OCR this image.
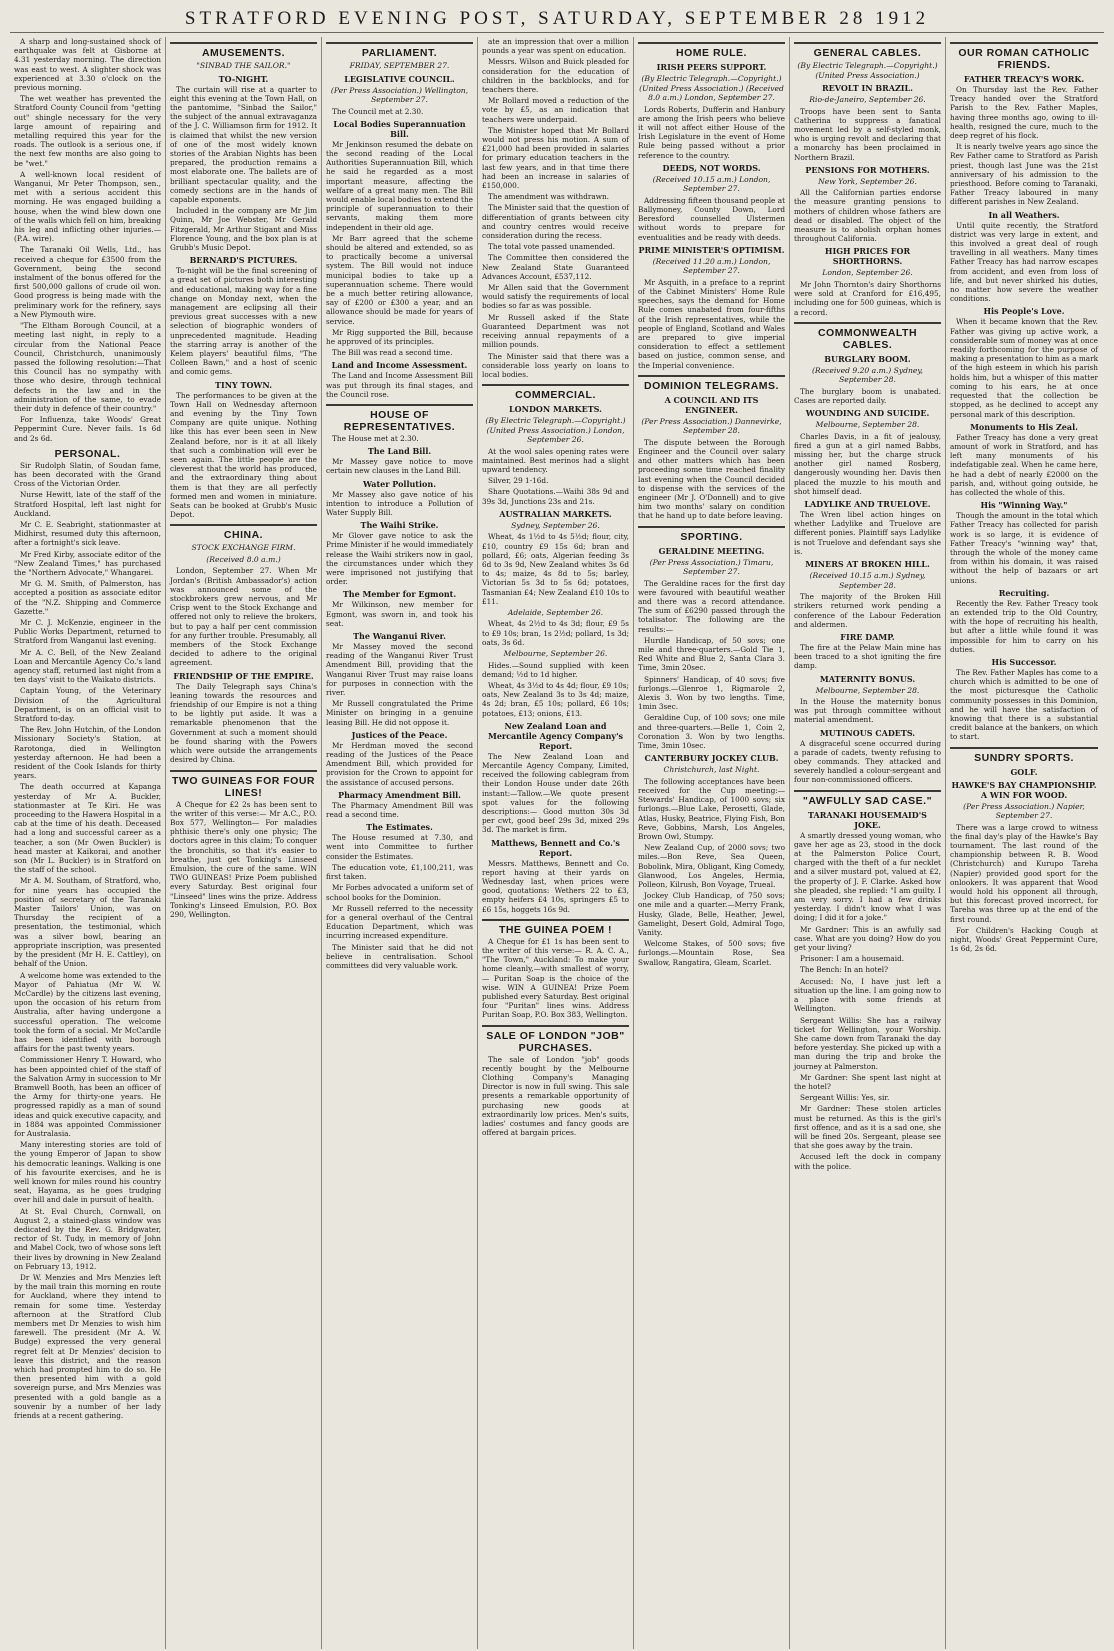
STRATFORD EVENING POST, SATURDAY, SEPTEMBER 28 1912
A sharp and long-sustained shock of earthquake was felt at Gisborne at 4.31 yesterday morning. The direction was east to west. A slighter shock was experienced at 3.30 o'clock on the previous morning.
The wet weather has prevented the Stratford County Council from "getting out" shingle necessary for the very large amount of repairing and metalling required this year for the roads. The outlook is a serious one, if the next few months are also going to be "wet."
A well-known local resident of Wanganui, Mr Peter Thompson, sen., met with a serious accident this morning. He was engaged building a house, when the wind blew down one of the walls which fell on him, breaking his leg and inflicting other injuries.—(P.A. wire).
The Taranaki Oil Wells, Ltd., has received a cheque for £3500 from the Government, being the second instalment of the bonus offered for the first 500,000 gallons of crude oil won. Good progress is being made with the preliminary work for the refinery, says a New Plymouth wire.
"The Eltham Borough Council, at a meeting last night, in reply to a circular from the National Peace Council, Christchurch, unanimously passed the following resolution:—That this Council has no sympathy with those who desire, through technical defects in the law and in the administration of the same, to evade their duty in defence of their country."
For Influenza, take Woods' Great Peppermint Cure. Never fails. 1s 6d and 2s 6d.
PERSONAL.
Sir Rudolph Slatin, of Soudan fame, has been decorated with the Grand Cross of the Victorian Order.
Nurse Hewitt, late of the staff of the Stratford Hospital, left last night for Auckland.
Mr C. E. Seabright, stationmaster at Midhirst, resumed duty this afternoon, after a fortnight's sick leave.
Mr Fred Kirby, associate editor of the "New Zealand Times," has purchased the "Northern Advocate," Whangarei.
Mr G. M. Smith, of Palmerston, has accepted a position as associate editor of the "N.Z. Shipping and Commerce Gazette."
Mr C. J. McKenzie, engineer in the Public Works Department, returned to Stratford from Wanganui last evening.
Mr A. C. Bell, of the New Zealand Loan and Mercantile Agency Co.'s land agency staff, returned last night from a ten days' visit to the Waikato districts.
Captain Young, of the Veterinary Division of the Agricultural Department, is on an official visit to Stratford to-day.
The Rev. John Hutchin, of the London Missionary Society's Station, at Rarotonga, died in Wellington yesterday afternoon. He had been a resident of the Cook Islands for thirty years.
The death occurred at Kapanga yesterday of Mr A. Buckler, stationmaster at Te Kiri. He was proceeding to the Hawera Hospital in a cab at the time of his death. Deceased had a long and successful career as a teacher, a son (Mr Owen Buckler) is head master at Kaikorai, and another son (Mr L. Buckler) is in Stratford on the staff of the school.
Mr A. M. Southam, of Stratford, who, for nine years has occupied the position of secretary of the Taranaki Master Tailors' Union, was on Thursday the recipient of a presentation, the testimonial, which was a silver bowl, bearing an appropriate inscription, was presented by the president (Mr H. E. Cattley), on behalf of the Union.
A welcome home was extended to the Mayor of Pahiatua (Mr W. W. McCardle) by the citizens last evening, upon the occasion of his return from Australia, after having undergone a successful operation. The welcome took the form of a social. Mr McCardle has been identified with borough affairs for the past twenty years.
Commissioner Henry T. Howard, who has been appointed chief of the staff of the Salvation Army in succession to Mr Bramwell Booth, has been an officer of the Army for thirty-one years. He progressed rapidly as a man of sound ideas and quick executive capacity, and in 1884 was appointed Commissioner for Australasia.
Many interesting stories are told of the young Emperor of Japan to show his democratic leanings. Walking is one of his favourite exercises, and he is well known for miles round his country seat, Hayama, as he goes trudging over hill and dale in pursuit of health.
At St. Eval Church, Cornwall, on August 2, a stained-glass window was dedicated by the Rev. G. Bridgwater, rector of St. Tudy, in memory of John and Mabel Cock, two of whose sons left their lives by drowning in New Zealand on February 13, 1912.
Dr W. Menzies and Mrs Menzies left by the mail train this morning en route for Auckland, where they intend to remain for some time. Yesterday afternoon at the Stratford Club members met Dr Menzies to wish him farewell. The president (Mr A. W. Budge) expressed the very general regret felt at Dr Menzies' decision to leave this district, and the reason which had prompted him to do so. He then presented him with a gold sovereign purse, and Mrs Menzies was presented with a gold bangle as a souvenir by a number of her lady friends at a recent gathering.
AMUSEMENTS.
"SINBAD THE SAILOR."
TO-NIGHT.
The curtain will rise at a quarter to eight this evening at the Town Hall, on the pantomime, "Sinbad the Sailor," the subject of the annual extravaganza of the J. C. Williamson firm for 1912. It is claimed that whilst the new version of one of the most widely known stories of the Arabian Nights has been prepared, the production remains a most elaborate one. The ballets are of brilliant spectacular quality, and the comedy sections are in the hands of capable exponents.
Included in the company are Mr Jim Quinn, Mr Joe Webster, Mr Gerald Fitzgerald, Mr Arthur Stigant and Miss Florence Young, and the box plan is at Grubb's Music Depot.
BERNARD'S PICTURES.
To-night will be the final screening of a great set of pictures both interesting and educational, making way for a fine change on Monday next, when the management are eclipsing all their previous great successes with a new selection of biographic wonders of unprecedented magnitude. Heading the starring array is another of the Kelem players' beautiful films, "The Colleen Bawn," and a host of scenic and comic gems.
TINY TOWN.
The performances to be given at the Town Hall on Wednesday afternoon and evening by the Tiny Town Company are quite unique. Nothing like this has ever been seen in New Zealand before, nor is it at all likely that such a combination will ever be seen again. The little people are the cleverest that the world has produced, and the extraordinary thing about them is that they are all perfectly formed men and women in miniature. Seats can be booked at Grubb's Music Depot.
CHINA.
STOCK EXCHANGE FIRM.
(Received 8.0 a.m.)
London, September 27. When Mr Jordan's (British Ambassador's) action was announced some of the stockbrokers grew nervous, and Mr Crisp went to the Stock Exchange and offered not only to relieve the brokers, but to pay a half per cent commission for any further trouble. Presumably, all members of the Stock Exchange decided to adhere to the original agreement.
FRIENDSHIP OF THE EMPIRE.
The Daily Telegraph says China's leaning towards the resources and friendship of our Empire is not a thing to be lightly put aside. It was a remarkable phenomenon that the Government at such a moment should be found sharing with the Powers which were outside the arrangements desired by China.
TWO GUINEAS FOR FOUR LINES!
A Cheque for £2 2s has been sent to the writer of this verse:— Mr A.C., P.O. Box 577, Wellington— For maladies phthisic there's only one physic; The doctors agree in this claim; To conquer the bronchitis, so that it's easier to breathe, just get Tonking's Linseed Emulsion, the cure of the same. WIN TWO GUINEAS! Prize Poem published every Saturday. Best original four "Linseed" lines wins the prize. Address Tonking's Linseed Emulsion, P.O. Box 290, Wellington.
PARLIAMENT.
FRIDAY, SEPTEMBER 27.
LEGISLATIVE COUNCIL.
(Per Press Association.) Wellington, September 27.
The Council met at 2.30.
Local Bodies Superannuation Bill.
Mr Jenkinson resumed the debate on the second reading of the Local Authorities Superannuation Bill, which he said he regarded as a most important measure, affecting the welfare of a great many men. The Bill would enable local bodies to extend the principle of superannuation to their servants, making them more independent in their old age.
Mr Barr agreed that the scheme should be altered and extended, so as to practically become a universal system. The Bill would not induce municipal bodies to take up a superannuation scheme. There would be a much better retiring allowance, say of £200 or £300 a year, and an allowance should be made for years of service.
Mr Rigg supported the Bill, because he approved of its principles.
The Bill was read a second time.
Land and Income Assessment.
The Land and Income Assessment Bill was put through its final stages, and the Council rose.
HOUSE OF REPRESENTATIVES.
The House met at 2.30.
The Land Bill.
Mr Massey gave notice to move certain new clauses in the Land Bill.
Water Pollution.
Mr Massey also gave notice of his intention to introduce a Pollution of Water Supply Bill.
The Waihi Strike.
Mr Glover gave notice to ask the Prime Minister if he would immediately release the Waihi strikers now in gaol, the circumstances under which they were imprisoned not justifying that order.
The Member for Egmont.
Mr Wilkinson, new member for Egmont, was sworn in, and took his seat.
The Wanganui River.
Mr Massey moved the second reading of the Wanganui River Trust Amendment Bill, providing that the Wanganui River Trust may raise loans for purposes in connection with the river.
Mr Russell congratulated the Prime Minister on bringing in a genuine leasing Bill. He did not oppose it.
Justices of the Peace.
Mr Herdman moved the second reading of the Justices of the Peace Amendment Bill, which provided for provision for the Crown to appoint for the assistance of accused persons.
Pharmacy Amendment Bill.
The Pharmacy Amendment Bill was read a second time.
The Estimates.
The House resumed at 7.30, and went into Committee to further consider the Estimates.
The education vote, £1,100,211, was first taken.
Mr Forbes advocated a uniform set of school books for the Dominion.
Mr Russell referred to the necessity for a general overhaul of the Central Education Department, which was incurring increased expenditure.
The Minister said that he did not believe in centralisation. School committees did very valuable work.
ate an impression that over a million pounds a year was spent on education.
Messrs. Wilson and Buick pleaded for consideration for the education of children in the backblocks, and for teachers there.
Mr Bollard moved a reduction of the vote by £5, as an indication that teachers were underpaid.
The Minister hoped that Mr Bollard would not press his motion. A sum of £21,000 had been provided in salaries for primary education teachers in the last few years, and in that time there had been an increase in salaries of £150,000.
The amendment was withdrawn.
The Minister said that the question of differentiation of grants between city and country centres would receive consideration during the recess.
The total vote passed unamended.
The Committee then considered the New Zealand State Guaranteed Advances Account, £537,112.
Mr Allen said that the Government would satisfy the requirements of local bodies so far as was possible.
Mr Russell asked if the State Guaranteed Department was not receiving annual repayments of a million pounds.
The Minister said that there was a considerable loss yearly on loans to local bodies.
COMMERCIAL.
LONDON MARKETS.
(By Electric Telegraph.—Copyright.) (United Press Association.) London, September 26.
At the wool sales opening rates were maintained. Best merinos had a slight upward tendency.
Silver, 29 1-16d.
Share Quotations.—Waihi 38s 9d and 39s 3d, Junctions 23s and 21s.
AUSTRALIAN MARKETS.
Sydney, September 26.
Wheat, 4s 1½d to 4s 5½d; flour, city, £10, country £9 15s 6d; bran and pollard, £6; oats, Algerian feeding 3s 6d to 3s 9d, New Zealand whites 3s 6d to 4s; maize, 4s 8d to 5s; barley, Victorian 5s 3d to 5s 6d; potatoes, Tasmanian £4; New Zealand £10 10s to £11.
Adelaide, September 26.
Wheat, 4s 2½d to 4s 3d; flour, £9 5s to £9 10s; bran, 1s 2½d; pollard, 1s 3d; oats, 3s 6d.
Melbourne, September 26.
Hides.—Sound supplied with keen demand; ½d to 1d higher.
Wheat, 4s 3½d to 4s 4d; flour, £9 10s; oats, New Zealand 3s to 3s 4d; maize, 4s 2d; bran, £5 10s; pollard, £6 10s; potatoes, £13; onions, £13.
New Zealand Loan and Mercantile Agency Company's Report.
The New Zealand Loan and Mercantile Agency Company, Limited, received the following cablegram from their London House under date 26th instant:—Tallow.—We quote present spot values for the following descriptions:— Good mutton 30s 3d per cwt, good beef 29s 3d, mixed 29s 3d. The market is firm.
Matthews, Bennett and Co.'s Report.
Messrs. Matthews, Bennett and Co. report having at their yards on Wednesday last, when prices were good, quotations: Wethers 22 to £3, empty heifers £4 10s, springers £5 to £6 15s, hoggets 16s 9d.
THE GUINEA POEM !
A Cheque for £1 1s has been sent to the writer of this verse:— R. A. C. A., "The Town," Auckland: To make your home cleanly,—with smallest of worry,— Puritan Soap is the choice of the wise. WIN A GUINEA! Prize Poem published every Saturday. Best original four "Puritan" lines wins. Address Puritan Soap, P.O. Box 383, Wellington.
SALE OF LONDON "JOB" PURCHASES.
The sale of London "job" goods recently bought by the Melbourne Clothing Company's Managing Director is now in full swing. This sale presents a remarkable opportunity of purchasing new goods at extraordinarily low prices. Men's suits, ladies' costumes and fancy goods are offered at bargain prices.
HOME RULE.
IRISH PEERS SUPPORT.
(By Electric Telegraph.—Copyright.) (United Press Association.) (Received 8.0 a.m.) London, September 27.
Lords Roberts, Dufferin and Hanbury are among the Irish peers who believe it will not affect either House of the Irish Legislature in the event of Home Rule being passed without a prior reference to the country.
DEEDS, NOT WORDS.
(Received 10.15 a.m.) London, September 27.
Addressing fifteen thousand people at Ballymoney, County Down, Lord Beresford counselled Ulstermen without words to prepare for eventualities and be ready with deeds.
PRIME MINISTER'S OPTIMISM.
(Received 11.20 a.m.) London, September 27.
Mr Asquith, in a preface to a reprint of the Cabinet Ministers' Home Rule speeches, says the demand for Home Rule comes unabated from four-fifths of the Irish representatives, while the people of England, Scotland and Wales are prepared to give imperial consideration to effect a settlement based on justice, common sense, and the Imperial convenience.
DOMINION TELEGRAMS.
A COUNCIL AND ITS ENGINEER.
(Per Press Association.) Dannevirke, September 28.
The dispute between the Borough Engineer and the Council over salary and other matters which has been proceeding some time reached finality last evening when the Council decided to dispense with the services of the engineer (Mr J. O'Donnell) and to give him two months' salary on condition that he hand up to date before leaving.
SPORTING.
GERALDINE MEETING.
(Per Press Association.) Timaru, September 27.
The Geraldine races for the first day were favoured with beautiful weather and there was a record attendance. The sum of £6290 passed through the totalisator. The following are the results:—
Hurdle Handicap, of 50 sovs; one mile and three-quarters.—Gold Tie 1, Red White and Blue 2, Santa Clara 3. Time, 3min 20sec.
Spinners' Handicap, of 40 sovs; five furlongs.—Glenroe 1, Rigmarole 2, Alexis 3. Won by two lengths. Time, 1min 3sec.
Geraldine Cup, of 100 sovs; one mile and three-quarters.—Belle 1, Coin 2, Coronation 3. Won by two lengths. Time, 3min 10sec.
CANTERBURY JOCKEY CLUB.
Christchurch, last Night.
The following acceptances have been received for the Cup meeting:— Stewards' Handicap, of 1000 sovs; six furlongs.—Blue Lake, Perosetti, Glade, Atlas, Husky, Beatrice, Flying Fish, Bon Reve, Gobbins, Marsh, Los Angeles, Brown Owl, Stumpy.
New Zealand Cup, of 2000 sovs; two miles.—Bon Reve, Sea Queen, Bobolink, Mira, Obligant, King Comedy, Glanwood, Los Angeles, Hermia, Polleon, Kilrush, Bon Voyage, Trueal.
Jockey Club Handicap, of 750 sovs; one mile and a quarter.—Merry Frank, Husky, Glade, Belle, Heather, Jewel, Gamelight, Desert Gold, Admiral Togo, Vanity.
Welcome Stakes, of 500 sovs; five furlongs.—Mountain Rose, Sea Swallow, Rangatira, Gleam, Scarlet.
GENERAL CABLES.
(By Electric Telegraph.—Copyright.) (United Press Association.)
REVOLT IN BRAZIL.
Rio-de-Janeiro, September 26.
Troops have been sent to Santa Catherina to suppress a fanatical movement led by a self-styled monk, who is urging revolt and declaring that a monarchy has been proclaimed in Northern Brazil.
PENSIONS FOR MOTHERS.
New York, September 26.
All the Californian parties endorse the measure granting pensions to mothers of children whose fathers are dead or disabled. The object of the measure is to abolish orphan homes throughout California.
HIGH PRICES FOR SHORTHORNS.
London, September 26.
Mr John Thornton's dairy Shorthorns were sold at Cranford for £16,495, including one for 500 guineas, which is a record.
COMMONWEALTH CABLES.
BURGLARY BOOM.
(Received 9.20 a.m.) Sydney, September 28.
The burglary boom is unabated. Cases are reported daily.
WOUNDING AND SUICIDE.
Melbourne, September 28.
Charles Davis, in a fit of jealousy, fired a gun at a girl named Babbs, missing her, but the charge struck another girl named Rosberg, dangerously wounding her. Davis then placed the muzzle to his mouth and shot himself dead.
LADYLIKE AND TRUELOVE.
The Wren libel action hinges on whether Ladylike and Truelove are different ponies. Plaintiff says Ladylike is not Truelove and defendant says she is.
MINERS AT BROKEN HILL.
(Received 10.15 a.m.) Sydney, September 28.
The majority of the Broken Hill strikers returned work pending a conference of the Labour Federation and aldermen.
FIRE DAMP.
The fire at the Pelaw Main mine has been traced to a shot igniting the fire damp.
MATERNITY BONUS.
Melbourne, September 28.
In the House the maternity bonus was put through committee without material amendment.
MUTINOUS CADETS.
A disgraceful scene occurred during a parade of cadets, twenty refusing to obey commands. They attacked and severely handled a colour-sergeant and four non-commissioned officers.
"AWFULLY SAD CASE."
TARANAKI HOUSEMAID'S JOKE.
A smartly dressed young woman, who gave her age as 23, stood in the dock at the Palmerston Police Court, charged with the theft of a fur necklet and a silver mustard pot, valued at £2, the property of J. F. Clarke. Asked how she pleaded, she replied: "I am guilty. I am very sorry. I had a few drinks yesterday. I didn't know what I was doing; I did it for a joke."
Mr Gardner: This is an awfully sad case. What are you doing? How do you get your living?
Prisoner: I am a housemaid.
The Bench: In an hotel?
Accused: No, I have just left a situation up the line. I am going now to a place with some friends at Wellington.
Sergeant Willis: She has a railway ticket for Wellington, your Worship. She came down from Taranaki the day before yesterday. She picked up with a man during the trip and broke the journey at Palmerston.
Mr Gardner: She spent last night at the hotel?
Sergeant Willis: Yes, sir.
Mr Gardner: These stolen articles must be returned. As this is the girl's first offence, and as it is a sad one, she will be fined 20s. Sergeant, please see that she goes away by the train.
Accused left the dock in company with the police.
OUR ROMAN CATHOLIC FRIENDS.
FATHER TREACY'S WORK.
On Thursday last the Rev. Father Treacy handed over the Stratford Parish to the Rev. Father Maples, having three months ago, owing to ill-health, resigned the cure, much to the deep regret of his flock.
It is nearly twelve years ago since the Rev Father came to Stratford as Parish priest, though last June was the 21st anniversary of his admission to the priesthood. Before coming to Taranaki, Father Treacy laboured in many different parishes in New Zealand.
In all Weathers.
Until quite recently, the Stratford district was very large in extent, and this involved a great deal of rough travelling in all weathers. Many times Father Treacy has had narrow escapes from accident, and even from loss of life, and but never shirked his duties, no matter how severe the weather conditions.
His People's Love.
When it became known that the Rev. Father was giving up active work, a considerable sum of money was at once readily forthcoming for the purpose of making a presentation to him as a mark of the high esteem in which his parish holds him, but a whisper of this matter coming to his ears, he at once requested that the collection be stopped, as he declined to accept any personal mark of this description.
Monuments to His Zeal.
Father Treacy has done a very great amount of work in Stratford, and has left many monuments of his indefatigable zeal. When he came here, he had a debt of nearly £2000 on the parish, and, without going outside, he has collected the whole of this.
His "Winning Way."
Though the amount in the total which Father Treacy has collected for parish work is so large, it is evidence of Father Treacy's "winning way" that, through the whole of the money came from within his domain, it was raised without the help of bazaars or art unions.
Recruiting.
Recently the Rev. Father Treacy took an extended trip to the Old Country, with the hope of recruiting his health, but after a little while found it was impossible for him to carry on his duties.
His Successor.
The Rev. Father Maples has come to a church which is admitted to be one of the most picturesque the Catholic community possesses in this Dominion, and he will have the satisfaction of knowing that there is a substantial credit balance at the bankers, on which to start.
SUNDRY SPORTS.
GOLF.
HAWKE'S BAY CHAMPIONSHIP. A WIN FOR WOOD.
(Per Press Association.) Napier, September 27.
There was a large crowd to witness the final day's play of the Hawke's Bay tournament. The last round of the championship between R. B. Wood (Christchurch) and Kurupo Tareha (Napier) provided good sport for the onlookers. It was apparent that Wood would hold his opponent all through, but this forecast proved incorrect, for Tareha was three up at the end of the first round.
For Children's Hacking Cough at night, Woods' Great Peppermint Cure, 1s 6d, 2s 6d.
